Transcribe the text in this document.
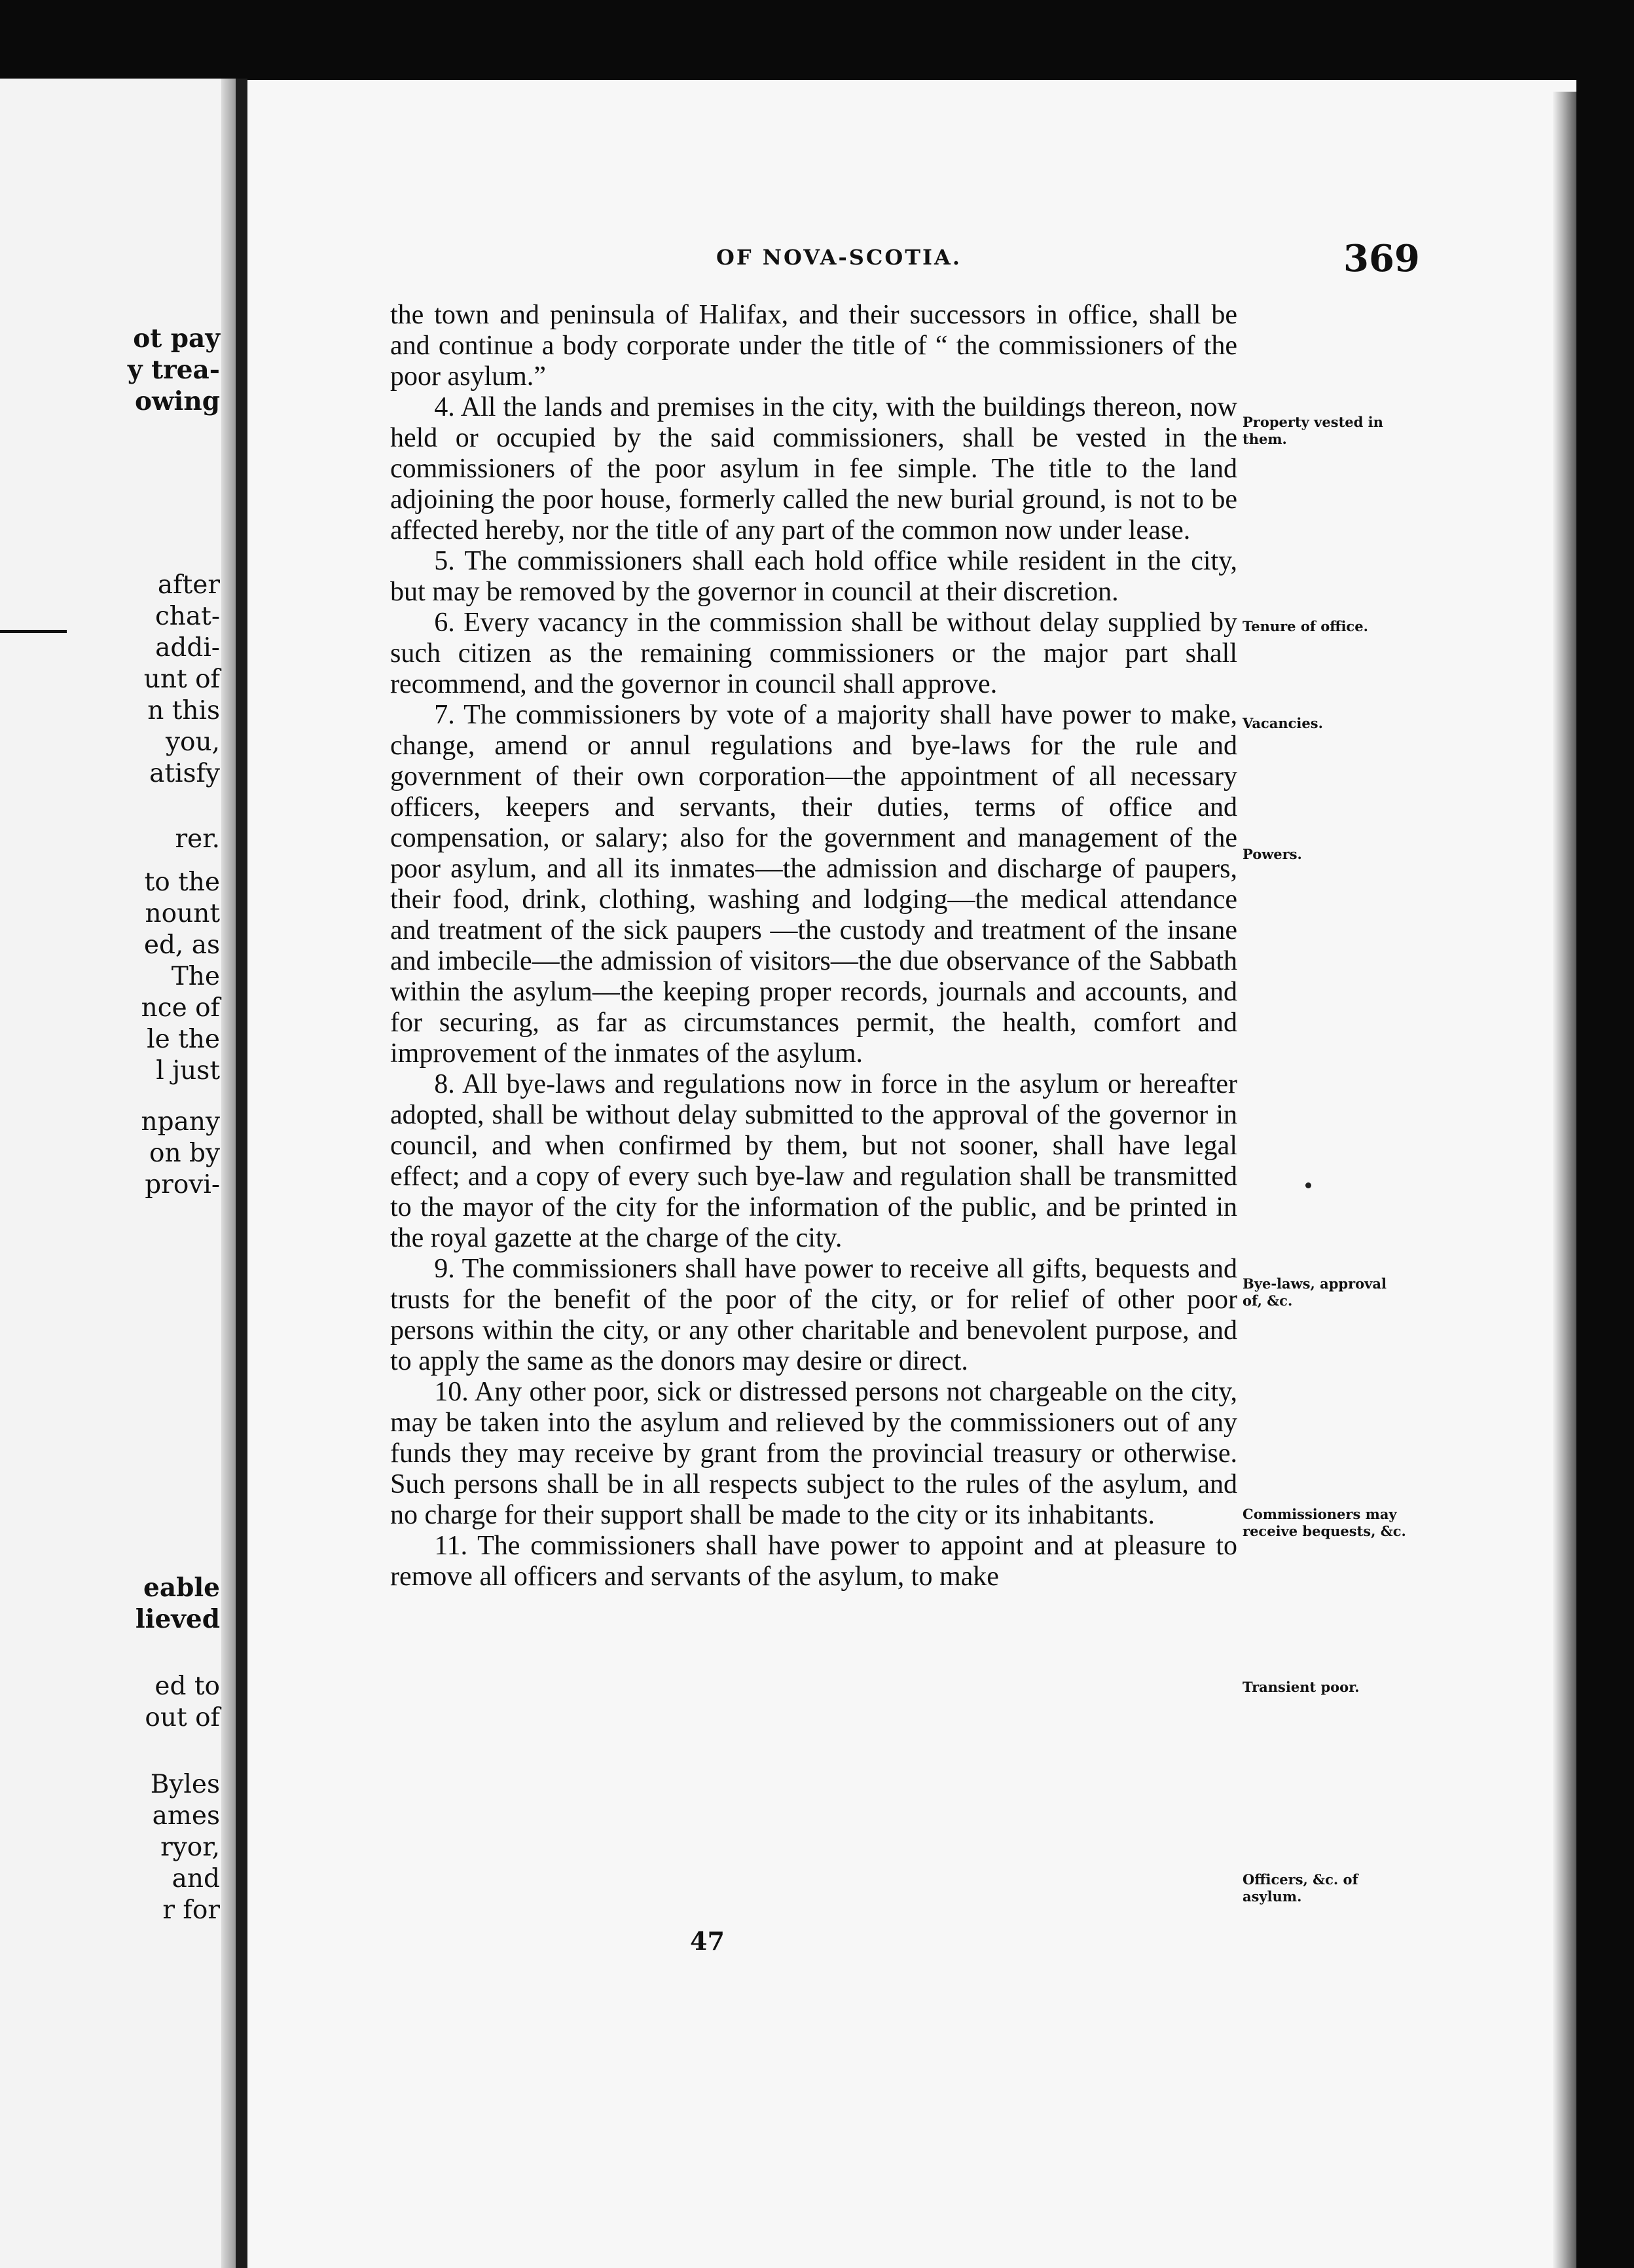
ot pay

y trea-

owing

after

chat-

addi-

unt of

n this

you,

atisfy

rer.

to the

nount

ed, as

The

nce of

le the

l just

npany

on by

provi-

eable

lieved

ed to

out of

Byles

ames

ryor,

and

r for

OF NOVA-SCOTIA.	369

the town and peninsula of Halifax, and their successors in office, shall be and continue a body corporate under the title of “ the commissioners of the poor asylum.”

4. All the lands and premises in the city, with the buildings thereon, now held or occupied by the said commissioners, shall be vested in the commissioners of the poor asylum in fee simple. The title to the land adjoining the poor house, formerly called the new burial ground, is not to be affected hereby, nor the title of any part of the common now under lease.

5. The commissioners shall each hold office while resident in the city, but may be removed by the governor in council at their discretion.

6. Every vacancy in the commission shall be without delay supplied by such citizen as the remaining commissioners or the major part shall recommend, and the governor in council shall approve.

7. The commissioners by vote of a majority shall have power to make, change, amend or annul regulations and bye-laws for the rule and government of their own corporation—the appointment of all necessary officers, keepers and servants, their duties, terms of office and compensation, or salary; also for the government and management of the poor asylum, and all its inmates—the admission and discharge of paupers, their food, drink, clothing, washing and lodging—the medical attendance and treatment of the sick paupers —the custody and treatment of the insane and imbecile—the admission of visitors—the due observance of the Sabbath within the asylum—the keeping proper records, journals and accounts, and for securing, as far as circumstances permit, the health, comfort and improvement of the inmates of the asylum.

8. All bye-laws and regulations now in force in the asylum or hereafter adopted, shall be without delay submitted to the approval of the governor in council, and when confirmed by them, but not sooner, shall have legal effect; and a copy of every such bye-law and regulation shall be transmitted to the mayor of the city for the information of the public, and be printed in the royal gazette at the charge of the city.

9. The commissioners shall have power to receive all gifts, bequests and trusts for the benefit of the poor of the city, or for relief of other poor persons within the city, or any other charitable and benevolent purpose, and to apply the same as the donors may desire or direct.

10. Any other poor, sick or distressed persons not chargeable on the city, may be taken into the asylum and relieved by the commissioners out of any funds they may receive by grant from the provincial treasury or otherwise. Such persons shall be in all respects subject to the rules of the asylum, and no charge for their support shall be made to the city or its inhabitants.

11. The commissioners shall have power to appoint and at pleasure to remove all officers and servants of the asylum, to make

Property vested in them.

Tenure of office.

Vacancies.

Powers.

Bye-laws, approval of, &c.

Commissioners may receive bequests, &c.

Transient poor.

Officers, &c. of asylum.

47
